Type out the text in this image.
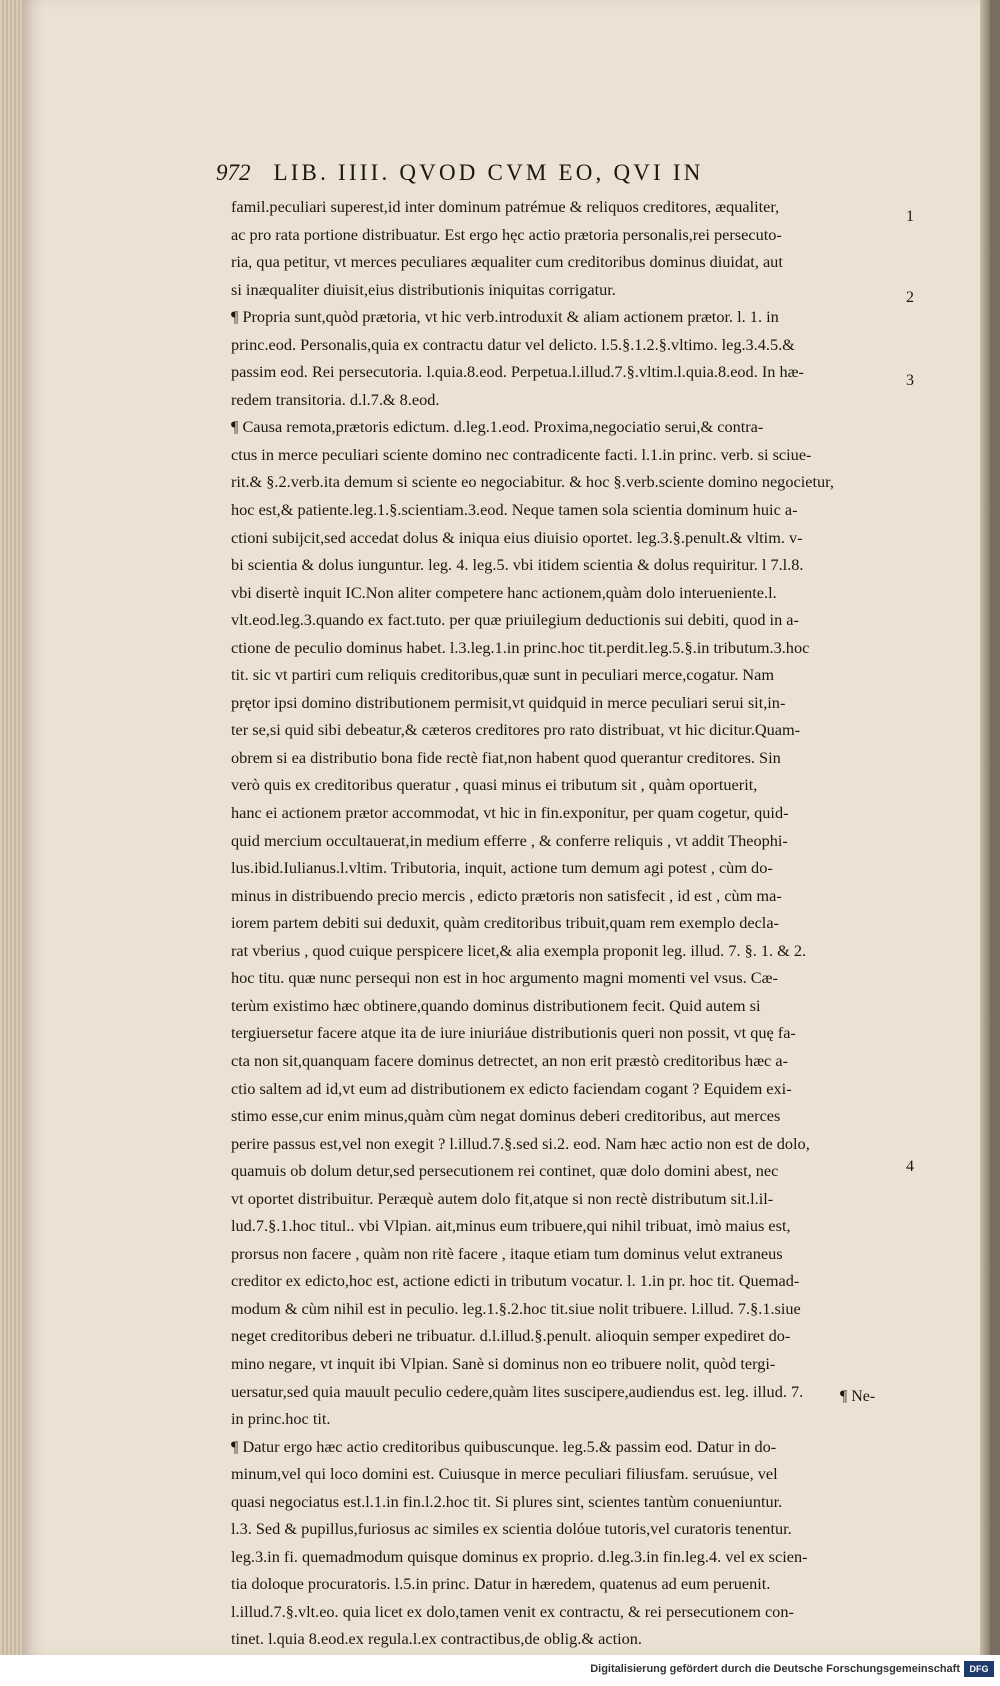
972 LIB. IIII. QVOD CVM EO, QVI IN
famil.peculiari superest,id inter dominum patrémue & reliquos creditores, æqualiter,
ac pro rata portione distribuatur. Est ergo hęc actio prætoria personalis,rei persecuto-
ria, qua petitur, vt merces peculiares æqualiter cum creditoribus dominus diuidat, aut
si inæqualiter diuisit,eius distributionis iniquitas corrigatur.
¶ Propria sunt,quòd prætoria, vt hic verb.introduxit & aliam actionem prætor. l. 1. in
princ.eod. Personalis,quia ex contractu datur vel delicto. l.5.§.1.2.§.vltimo. leg.3.4.5.&
passim eod. Rei persecutoria. l.quia.8.eod. Perpetua.l.illud.7.§.vltim.l.quia.8.eod. In hæ-
redem transitoria. d.l.7.& 8.eod.
¶ Causa remota,prætoris edictum. d.leg.1.eod. Proxima,negociatio serui,& contra-
ctus in merce peculiari sciente domino nec contradicente facti. l.1.in princ. verb. si sciue-
rit.& §.2.verb.ita demum si sciente eo negociabitur. & hoc §.verb.sciente domino negocietur,
hoc est,& patiente.leg.1.§.scientiam.3.eod. Neque tamen sola scientia dominum huic a-
ctioni subijcit,sed accedat dolus & iniqua eius diuisio oportet. leg.3.§.penult.& vltim. v-
bi scientia & dolus iunguntur. leg. 4. leg.5. vbi itidem scientia & dolus requiritur. l 7.l.8.
vbi disertè inquit IC.Non aliter competere hanc actionem,quàm dolo interueniente.l.
vlt.eod.leg.3.quando ex fact.tuto. per quæ priuilegium deductionis sui debiti, quod in a-
ctione de peculio dominus habet. l.3.leg.1.in princ.hoc tit.perdit.leg.5.§.in tributum.3.hoc
tit. sic vt partiri cum reliquis creditoribus,quæ sunt in peculiari merce,cogatur. Nam
prętor ipsi domino distributionem permisit,vt quidquid in merce peculiari serui sit,in-
ter se,si quid sibi debeatur,& cæteros creditores pro rato distribuat, vt hic dicitur.Quam-
obrem si ea distributio bona fide rectè fiat,non habent quod querantur creditores. Sin
verò quis ex creditoribus queratur , quasi minus ei tributum sit , quàm oportuerit,
hanc ei actionem prætor accommodat, vt hic in fin.exponitur, per quam cogetur, quid-
quid mercium occultauerat,in medium efferre , & conferre reliquis , vt addit Theophi-
lus.ibid.Iulianus.l.vltim. Tributoria, inquit, actione tum demum agi potest , cùm do-
minus in distribuendo precio mercis , edicto prætoris non satisfecit , id est , cùm ma-
iorem partem debiti sui deduxit, quàm creditoribus tribuit,quam rem exemplo decla-
rat vberius , quod cuique perspicere licet,& alia exempla proponit leg. illud. 7. §. 1. & 2.
hoc titu. quæ nunc persequi non est in hoc argumento magni momenti vel vsus. Cæ-
terùm existimo hæc obtinere,quando dominus distributionem fecit. Quid autem si
tergiuersetur facere atque ita de iure iniuriáue distributionis queri non possit, vt quę fa-
cta non sit,quanquam facere dominus detrectet, an non erit præstò creditoribus hæc a-
ctio saltem ad id,vt eum ad distributionem ex edicto faciendam cogant ? Equidem exi-
stimo esse,cur enim minus,quàm cùm negat dominus deberi creditoribus, aut merces
perire passus est,vel non exegit ? l.illud.7.§.sed si.2. eod. Nam hæc actio non est de dolo,
quamuis ob dolum detur,sed persecutionem rei continet, quæ dolo domini abest, nec
vt oportet distribuitur. Peræquè autem dolo fit,atque si non rectè distributum sit.l.il-
lud.7.§.1.hoc titul.. vbi Vlpian. ait,minus eum tribuere,qui nihil tribuat, imò maius est,
prorsus non facere , quàm non ritè facere , itaque etiam tum dominus velut extraneus
creditor ex edicto,hoc est, actione edicti in tributum vocatur. l. 1.in pr. hoc tit. Quemad-
modum & cùm nihil est in peculio. leg.1.§.2.hoc tit.siue nolit tribuere. l.illud. 7.§.1.siue
neget creditoribus deberi ne tribuatur. d.l.illud.§.penult. alioquin semper expediret do-
mino negare, vt inquit ibi Vlpian. Sanè si dominus non eo tribuere nolit, quòd tergi-
uersatur,sed quia mauult peculio cedere,quàm lites suscipere,audiendus est. leg. illud. 7.
in princ.hoc tit.
¶ Datur ergo hæc actio creditoribus quibuscunque. leg.5.& passim eod. Datur in do-
minum,vel qui loco domini est. Cuiusque in merce peculiari filiusfam. seruúsue, vel
quasi negociatus est.l.1.in fin.l.2.hoc tit. Si plures sint, scientes tantùm conueniuntur.
l.3. Sed & pupillus,furiosus ac similes ex scientia dolóue tutoris,vel curatoris tenentur.
leg.3.in fi. quemadmodum quisque dominus ex proprio. d.leg.3.in fin.leg.4. vel ex scien-
tia doloque procuratoris. l.5.in princ. Datur in hæredem, quatenus ad eum peruenit.
l.illud.7.§.vlt.eo. quia licet ex dolo,tamen venit ex contractu, & rei persecutionem con-
tinet. l.quia 8.eod.ex regula.l.ex contractibus,de oblig.& action.
1
2
3
4
¶ Ne-
Digitalisierung gefördert durch die Deutsche Forschungsgemeinschaft	DFG
